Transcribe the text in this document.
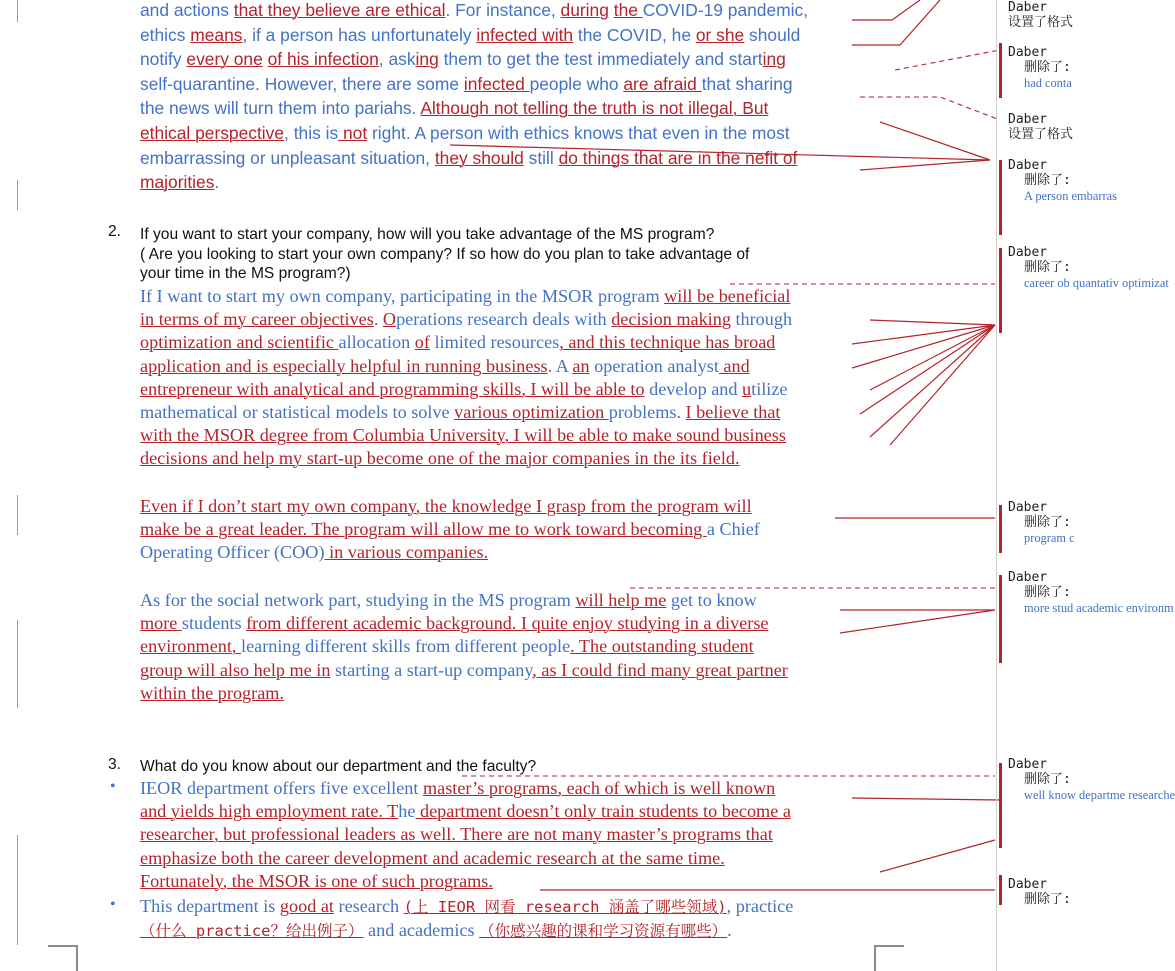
and actions that they believe are ethical. For instance, during the COVID-19 pandemic,
ethics means, if a person has unfortunately infected with the COVID, he or she should
notify every one of his infection, asking them to get the test immediately and starting
self-quarantine. However, there are some infected people who are afraid that sharing
the news will turn them into pariahs. Although not telling the truth is not illegal, But
ethical perspective, this is not right. A person with ethics knows that even in the most
embarrassing or unpleasant situation, they should still do things that are in the nefit of
majorities.
2. If you want to start your company, how will you take advantage of the MS program?
( Are you looking to start your own company? If so how do you plan to take advantage of
your time in the MS program?)
If I want to start my own company, participating in the MSOR program will be beneficial
in terms of my career objectives. Operations research deals with decision making through
optimization and scientific allocation of limited resources, and this technique has broad
application and is especially helpful in running business. A an operation analyst and
entrepreneur with analytical and programming skills, I will be able to develop and utilize
mathematical or statistical models to solve various optimization problems. I believe that
with the MSOR degree from Columbia University, I will be able to make sound business
decisions and help my start-up become one of the major companies in the its field.
Even if I don’t start my own company, the knowledge I grasp from the program will
make be a great leader. The program will allow me to work toward becoming a Chief
Operating Officer (COO) in various companies.
As for the social network part, studying in the MS program will help me get to know
more students from different academic background. I quite enjoy studying in a diverse
environment, learning different skills from different people. The outstanding student
group will also help me in starting a start-up company, as I could find many great partner
within the program.
3. What do you know about our department and the faculty?
• IEOR department offers five excellent master’s programs, each of which is well known
and yields high employment rate. The department doesn’t only train students to become a
researcher, but professional leaders as well. There are not many master’s programs that
emphasize both the career development and academic research at the same time.
Fortunately, the MSOR is one of such programs.
• This department is good at research (上 IEOR 网看 research 涵盖了哪些领域), practice
（什么 practice？给出例子） and academics （你感兴趣的课和学习资源有哪些）.
Daber
设置了格式
Daber
删除了:
had conta
Daber
设置了格式
Daber
删除了:
A person embarras
Daber
删除了:
career ob quantativ optimizat
Daber
删除了:
program c
Daber
删除了:
more stud academic environm
Daber
删除了:
well know departme researche
Daber
删除了:
